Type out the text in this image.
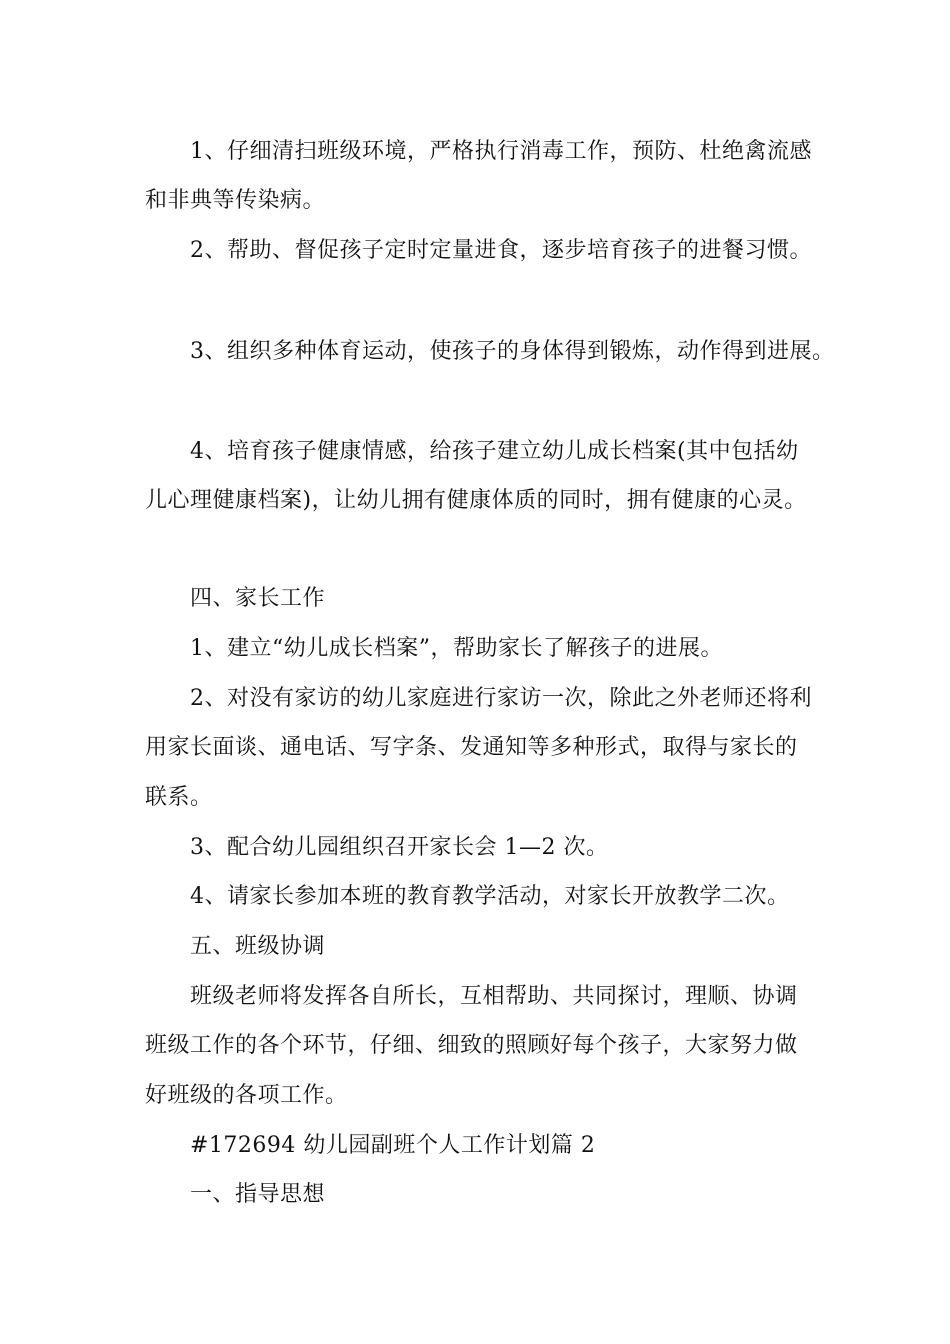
1、仔细清扫班级环境，严格执行消毒工作，预防、杜绝禽流感
和非典等传染病。
2、帮助、督促孩子定时定量进食，逐步培育孩子的进餐习惯。
3、组织多种体育运动，使孩子的身体得到锻炼，动作得到进展。
4、培育孩子健康情感，给孩子建立幼儿成长档案(其中包括幼
儿心理健康档案)，让幼儿拥有健康体质的同时，拥有健康的心灵。
四、家长工作
1、建立“幼儿成长档案”，帮助家长了解孩子的进展。
2、对没有家访的幼儿家庭进行家访一次，除此之外老师还将利
用家长面谈、通电话、写字条、发通知等多种形式，取得与家长的
联系。
3、配合幼儿园组织召开家长会 1—2 次。
4、请家长参加本班的教育教学活动，对家长开放教学二次。
五、班级协调
班级老师将发挥各自所长，互相帮助、共同探讨，理顺、协调
班级工作的各个环节，仔细、细致的照顾好每个孩子，大家努力做
好班级的各项工作。
#172694 幼儿园副班个人工作计划篇 2
一、指导思想
